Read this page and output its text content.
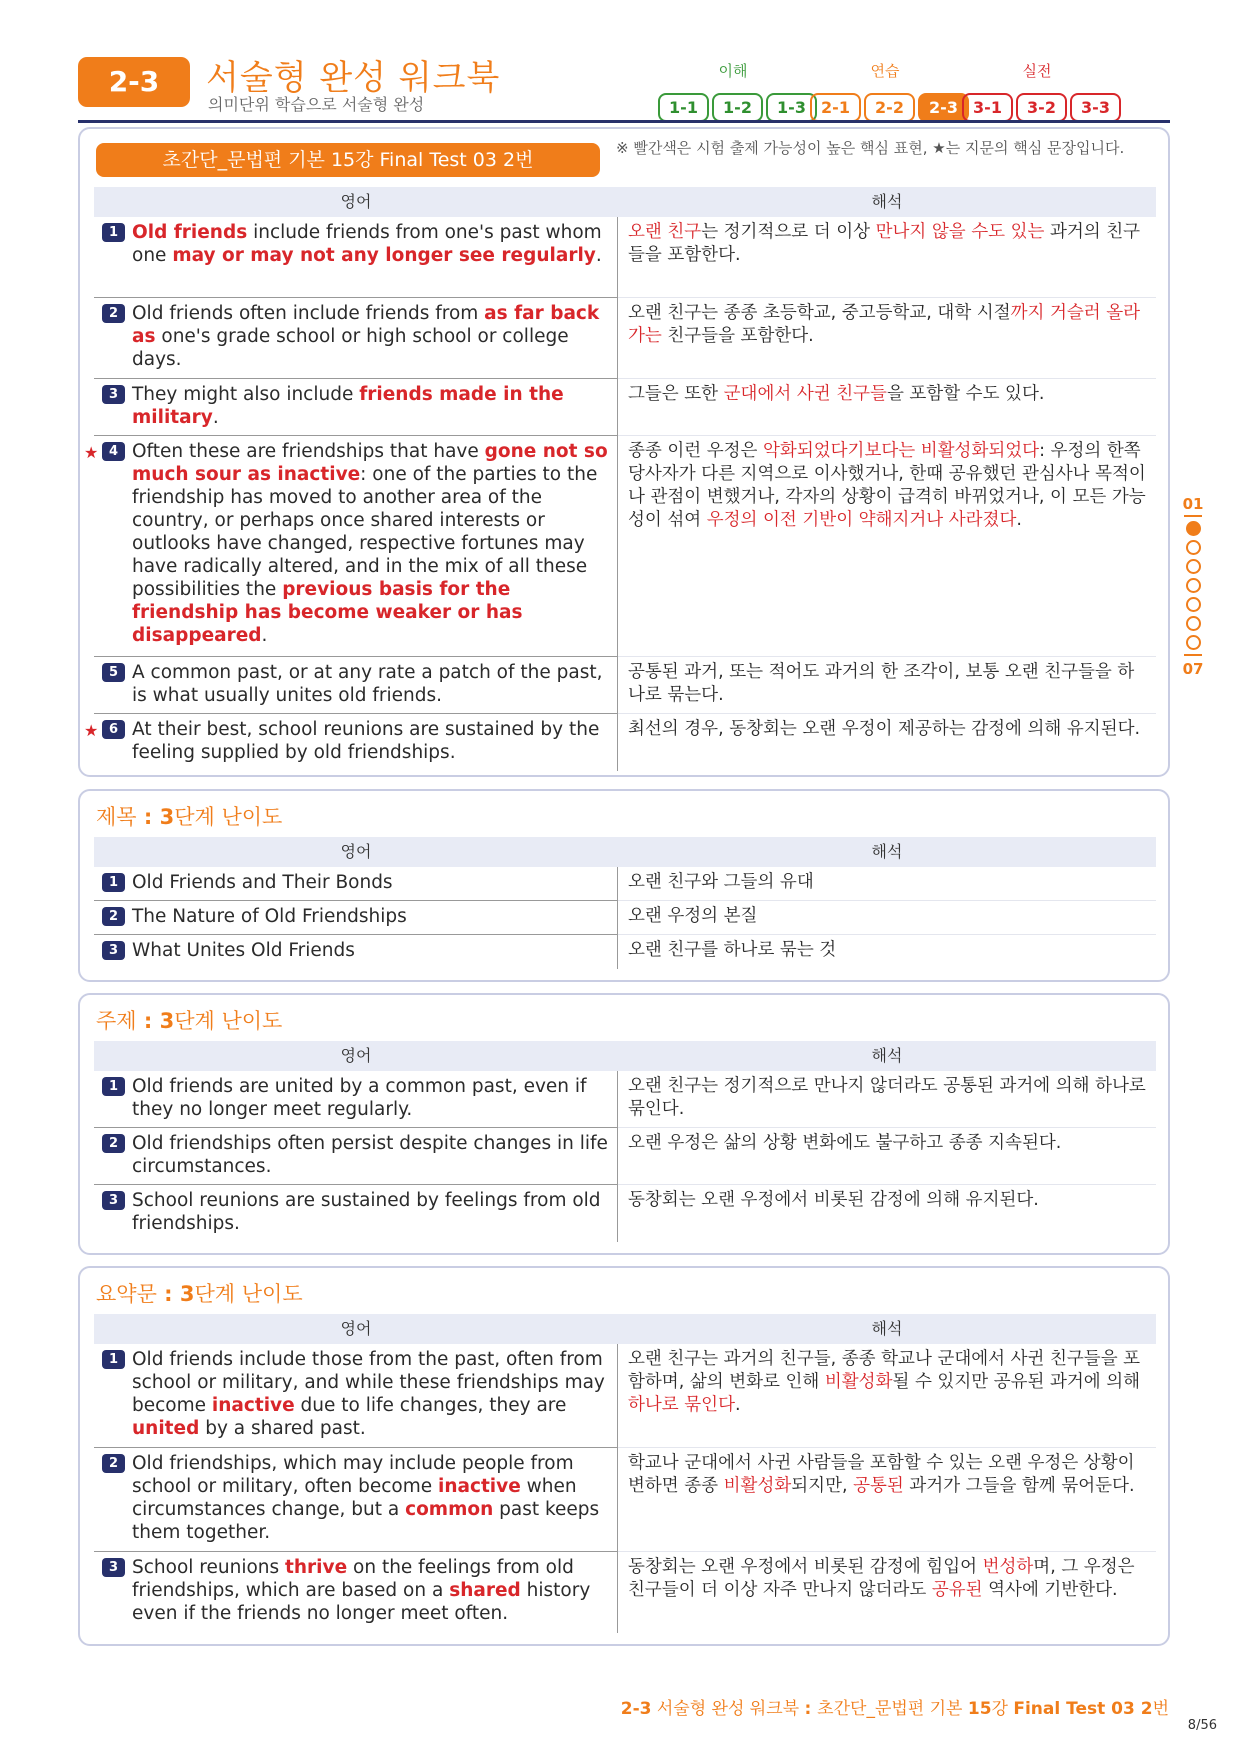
2-3	서술형 완성 워크북
의미단위 학습으로 서술형 완성
이해
1-1	1-2	1-3
연습
2-1	2-2	2-3
실전
3-1	3-2	3-3
초간단_문법편 기본 15강 Final Test 03 2번
※ 빨간색은 시험 출제 가능성이 높은 핵심 표현, ★는 지문의 핵심 문장입니다.
영어	해석
1 Old friends include friends from one's past whom one may or may not any longer see regularly.
오랜 친구는 정기적으로 더 이상 만나지 않을 수도 있는 과거의 친구들을 포함한다.
2 Old friends often include friends from as far back as one's grade school or high school or college days.
오랜 친구는 종종 초등학교, 중고등학교, 대학 시절까지 거슬러 올라가는 친구들을 포함한다.
3 They might also include friends made in the military.
그들은 또한 군대에서 사귄 친구들을 포함할 수도 있다.
★ 4 Often these are friendships that have gone not so much sour as inactive: one of the parties to the friendship has moved to another area of the country, or perhaps once shared interests or outlooks have changed, respective fortunes may have radically altered, and in the mix of all these possibilities the previous basis for the friendship has become weaker or has disappeared.
종종 이런 우정은 악화되었다기보다는 비활성화되었다: 우정의 한쪽 당사자가 다른 지역으로 이사했거나, 한때 공유했던 관심사나 목적이나 관점이 변했거나, 각자의 상황이 급격히 바뀌었거나, 이 모든 가능성이 섞여 우정의 이전 기반이 약해지거나 사라졌다.
5 A common past, or at any rate a patch of the past, is what usually unites old friends.
공통된 과거, 또는 적어도 과거의 한 조각이, 보통 오랜 친구들을 하나로 묶는다.
★ 6 At their best, school reunions are sustained by the feeling supplied by old friendships.
최선의 경우, 동창회는 오랜 우정이 제공하는 감정에 의해 유지된다.
제목 : 3단계 난이도
영어	해석
1 Old Friends and Their Bonds	오랜 친구와 그들의 유대
2 The Nature of Old Friendships	오랜 우정의 본질
3 What Unites Old Friends	오랜 친구를 하나로 묶는 것
주제 : 3단계 난이도
영어	해석
1 Old friends are united by a common past, even if they no longer meet regularly.
오랜 친구는 정기적으로 만나지 않더라도 공통된 과거에 의해 하나로 묶인다.
2 Old friendships often persist despite changes in life circumstances.
오랜 우정은 삶의 상황 변화에도 불구하고 종종 지속된다.
3 School reunions are sustained by feelings from old friendships.
동창회는 오랜 우정에서 비롯된 감정에 의해 유지된다.
요약문 : 3단계 난이도
영어	해석
1 Old friends include those from the past, often from school or military, and while these friendships may become inactive due to life changes, they are united by a shared past.
오랜 친구는 과거의 친구들, 종종 학교나 군대에서 사귄 친구들을 포함하며, 삶의 변화로 인해 비활성화될 수 있지만 공유된 과거에 의해 하나로 묶인다.
2 Old friendships, which may include people from school or military, often become inactive when circumstances change, but a common past keeps them together.
학교나 군대에서 사귄 사람들을 포함할 수 있는 오랜 우정은 상황이 변하면 종종 비활성화되지만, 공통된 과거가 그들을 함께 묶어둔다.
3 School reunions thrive on the feelings from old friendships, which are based on a shared history even if the friends no longer meet often.
동창회는 오랜 우정에서 비롯된 감정에 힘입어 번성하며, 그 우정은 친구들이 더 이상 자주 만나지 않더라도 공유된 역사에 기반한다.
01
07
2-3 서술형 완성 워크북 : 초간단_문법편 기본 15강 Final Test 03 2번
8/56
